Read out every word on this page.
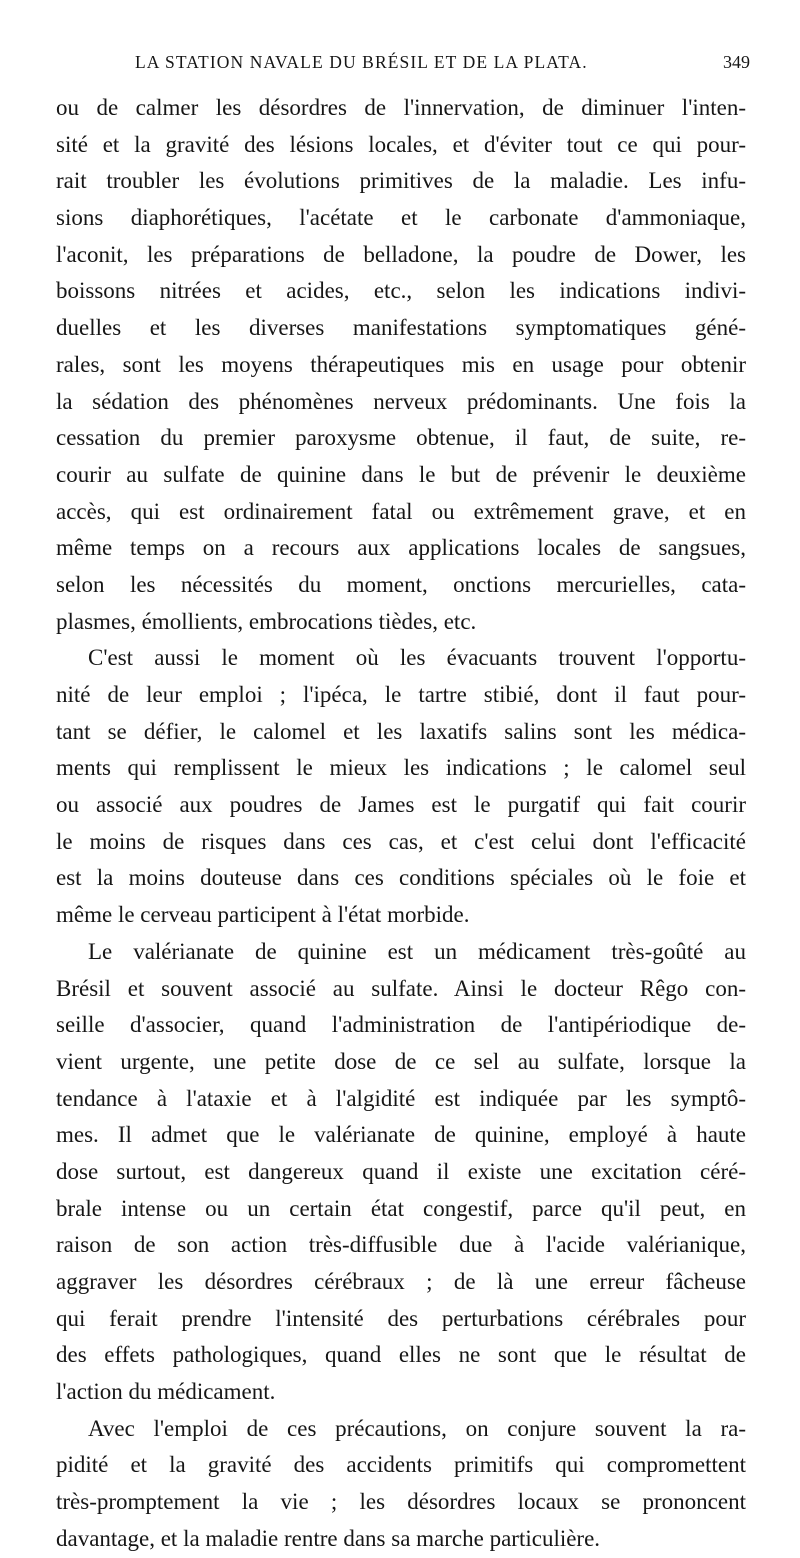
LA STATION NAVALE DU BRÉSIL ET DE LA PLATA.	349
ou de calmer les désordres de l'innervation, de diminuer l'inten-
sité et la gravité des lésions locales, et d'éviter tout ce qui pour-
rait troubler les évolutions primitives de la maladie. Les infu-
sions diaphorétiques, l'acétate et le carbonate d'ammoniaque,
l'aconit, les préparations de belladone, la poudre de Dower, les
boissons nitrées et acides, etc., selon les indications indivi-
duelles et les diverses manifestations symptomatiques géné-
rales, sont les moyens thérapeutiques mis en usage pour obtenir
la sédation des phénomènes nerveux prédominants. Une fois la
cessation du premier paroxysme obtenue, il faut, de suite, re-
courir au sulfate de quinine dans le but de prévenir le deuxième
accès, qui est ordinairement fatal ou extrêmement grave, et en
même temps on a recours aux applications locales de sangsues,
selon les nécessités du moment, onctions mercurielles, cata-
plasmes, émollients, embrocations tièdes, etc.
C'est aussi le moment où les évacuants trouvent l'opportu-
nité de leur emploi ; l'ipéca, le tartre stibié, dont il faut pour-
tant se défier, le calomel et les laxatifs salins sont les médica-
ments qui remplissent le mieux les indications ; le calomel seul
ou associé aux poudres de James est le purgatif qui fait courir
le moins de risques dans ces cas, et c'est celui dont l'efficacité
est la moins douteuse dans ces conditions spéciales où le foie et
même le cerveau participent à l'état morbide.
Le valérianate de quinine est un médicament très-goûté au
Brésil et souvent associé au sulfate. Ainsi le docteur Rêgo con-
seille d'associer, quand l'administration de l'antipériodique de-
vient urgente, une petite dose de ce sel au sulfate, lorsque la
tendance à l'ataxie et à l'algidité est indiquée par les symptô-
mes. Il admet que le valérianate de quinine, employé à haute
dose surtout, est dangereux quand il existe une excitation céré-
brale intense ou un certain état congestif, parce qu'il peut, en
raison de son action très-diffusible due à l'acide valérianique,
aggraver les désordres cérébraux ; de là une erreur fâcheuse
qui ferait prendre l'intensité des perturbations cérébrales pour
des effets pathologiques, quand elles ne sont que le résultat de
l'action du médicament.
Avec l'emploi de ces précautions, on conjure souvent la ra-
pidité et la gravité des accidents primitifs qui compromettent
très-promptement la vie ; les désordres locaux se prononcent
davantage, et la maladie rentre dans sa marche particulière.
